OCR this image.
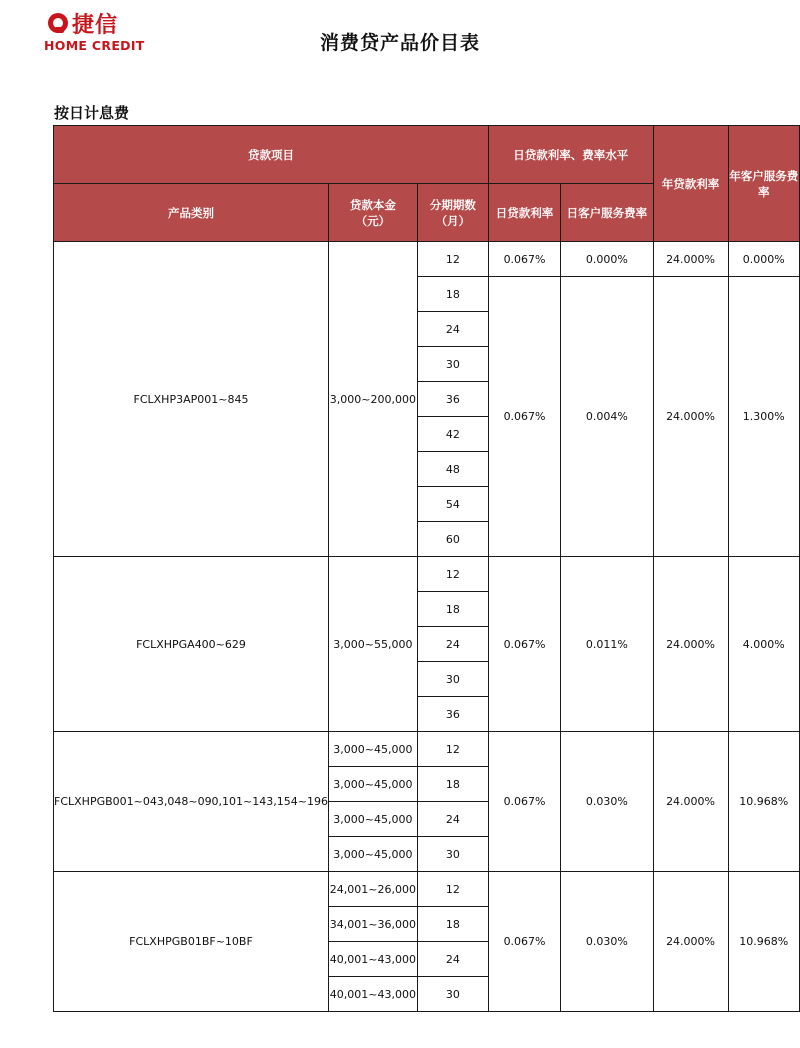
捷信
HOME CREDIT	消费贷产品价目表
按日计息费
贷款项目			日贷款利率、费率水平		年贷款利率	年客户服务费率
产品类别	贷款本金（元）	分期期数（月）	日贷款利率	日客户服务费率		
FCLXHP3AP001~845	3,000~200,000	12	0.067%	0.000%	24.000%	0.000%
		18	0.067%	0.004%	24.000%	1.300%
		24				
		30				
		36				
		42				
		48				
		54				
		60				
FCLXHPGA400~629	3,000~55,000	12	0.067%	0.011%	24.000%	4.000%
		18				
		24				
		30				
		36				
FCLXHPGB001~043,048~090,101~143,154~196	3,000~45,000	12	0.067%	0.030%	24.000%	10.968%
	3,000~45,000	18				
	3,000~45,000	24				
	3,000~45,000	30				
FCLXHPGB01BF~10BF	24,001~26,000	12	0.067%	0.030%	24.000%	10.968%
	34,001~36,000	18				
	40,001~43,000	24				
	40,001~43,000	30				
